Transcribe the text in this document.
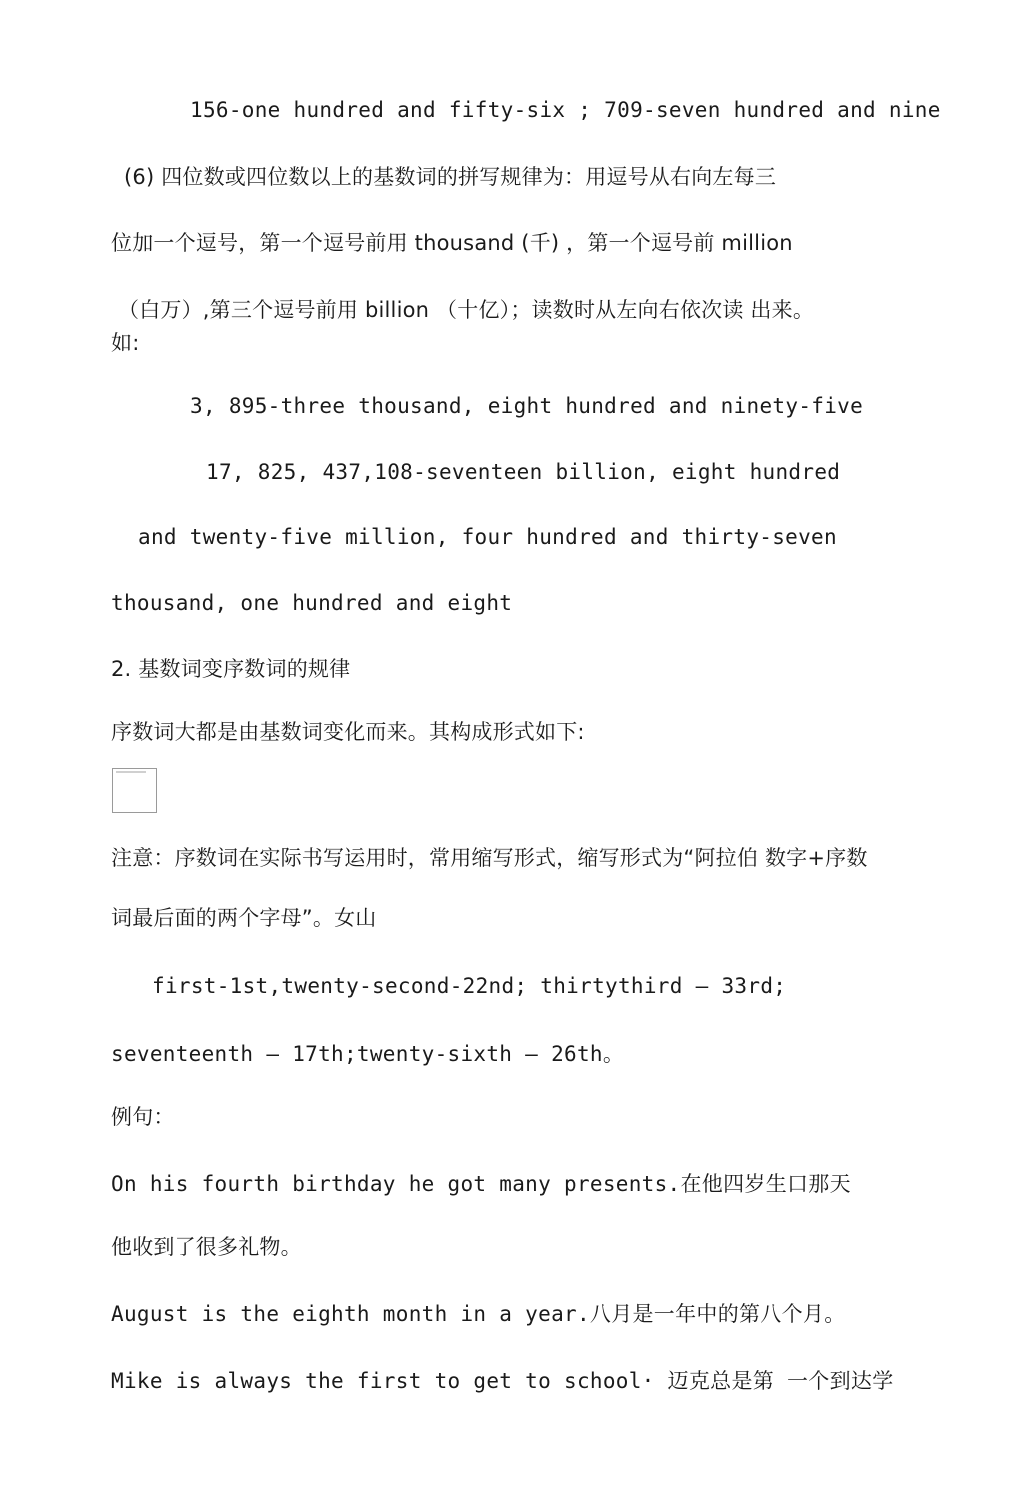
156-one hundred and fifty-six ; 709-seven hundred and nine
(6) 四位数或四位数以上的基数词的拼写规律为：用逗号从右向左每三
位加一个逗号，第一个逗号前用 thousand (千) ，第一个逗号前 million
（白万）,第三个逗号前用 billion （十亿）；读数时从左向右依次读 出来。
如:
3, 895-three thousand, eight hundred and ninety-five
17, 825, 437,108-seventeen billion, eight hundred
and twenty-five million, four hundred and thirty-seven
thousand, one hundred and eight
2. 基数词变序数词的规律
序数词大都是由基数词变化而来。其构成形式如下:
注意：序数词在实际书写运用时，常用缩写形式，缩写形式为“阿拉伯 数字+序数
词最后面的两个字母”。女山
first-1st,twenty-second-22nd; thirtythird — 33rd;
seventeenth — 17th;twenty-sixth — 26th。
例句：
On his fourth birthday he got many presents.在他四岁生口那天
他收到了很多礼物。
August is the eighth month in a year.八月是一年中的第八个月。
Mike is always the first to get to school· 迈克总是第 一个到达学
